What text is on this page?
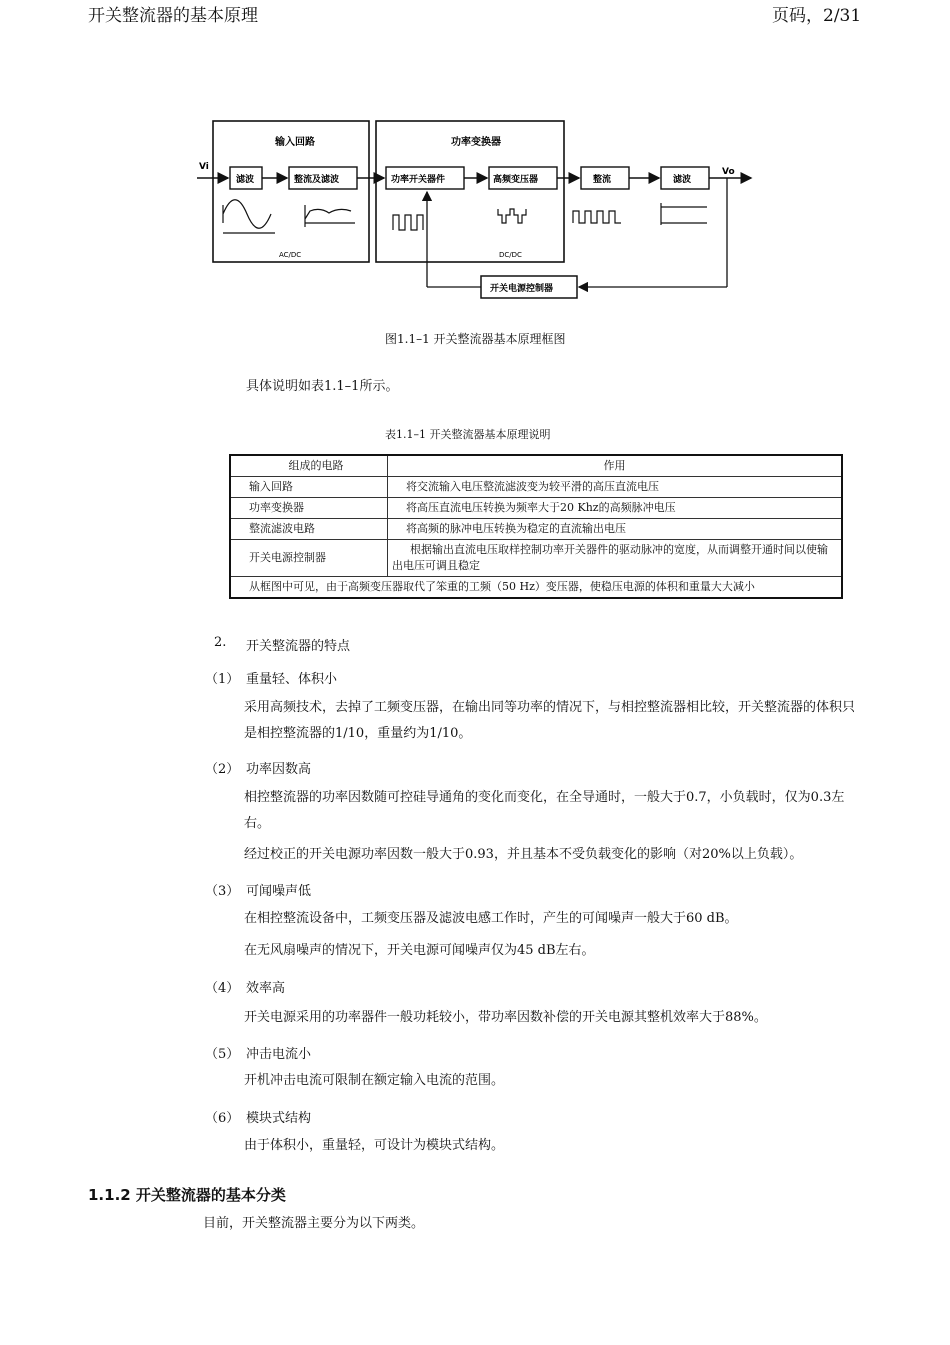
开关整流器的基本原理	页码，2/31
输入回路	功率变换器
Vi
滤波	整流及滤波	功率开关器件	高频变压器	整流	滤波
Vo
AC/DC	DC/DC
开关电源控制器
图1.1–1 开关整流器基本原理框图
具体说明如表1.1–1所示。
表1.1–1 开关整流器基本原理说明
组成的电路	作用
输入回路	将交流输入电压整流滤波变为较平滑的高压直流电压
功率变换器	将高压直流电压转换为频率大于20 Khz的高频脉冲电压
整流滤波电路	将高频的脉冲电压转换为稳定的直流输出电压
开关电源控制器	根据输出直流电压取样控制功率开关器件的驱动脉冲的宽度，从而调整开通时间以使输出电压可调且稳定
从框图中可见，由于高频变压器取代了笨重的工频（50 Hz）变压器，使稳压电源的体积和重量大大减小	
2. 开关整流器的特点
（1） 重量轻、体积小
采用高频技术，去掉了工频变压器，在输出同等功率的情况下，与相控整流器相比较，开关整流器的体积只是相控整流器的1/10，重量约为1/10。
（2） 功率因数高
相控整流器的功率因数随可控硅导通角的变化而变化，在全导通时，一般大于0.7，小负载时，仅为0.3左右。
经过校正的开关电源功率因数一般大于0.93，并且基本不受负载变化的影响（对20%以上负载）。
（3） 可闻噪声低
在相控整流设备中，工频变压器及滤波电感工作时，产生的可闻噪声一般大于60 dB。
在无风扇噪声的情况下，开关电源可闻噪声仅为45 dB左右。
（4） 效率高
开关电源采用的功率器件一般功耗较小，带功率因数补偿的开关电源其整机效率大于88%。
（5） 冲击电流小
开机冲击电流可限制在额定输入电流的范围。
（6） 模块式结构
由于体积小，重量轻，可设计为模块式结构。
1.1.2 开关整流器的基本分类
目前，开关整流器主要分为以下两类。
